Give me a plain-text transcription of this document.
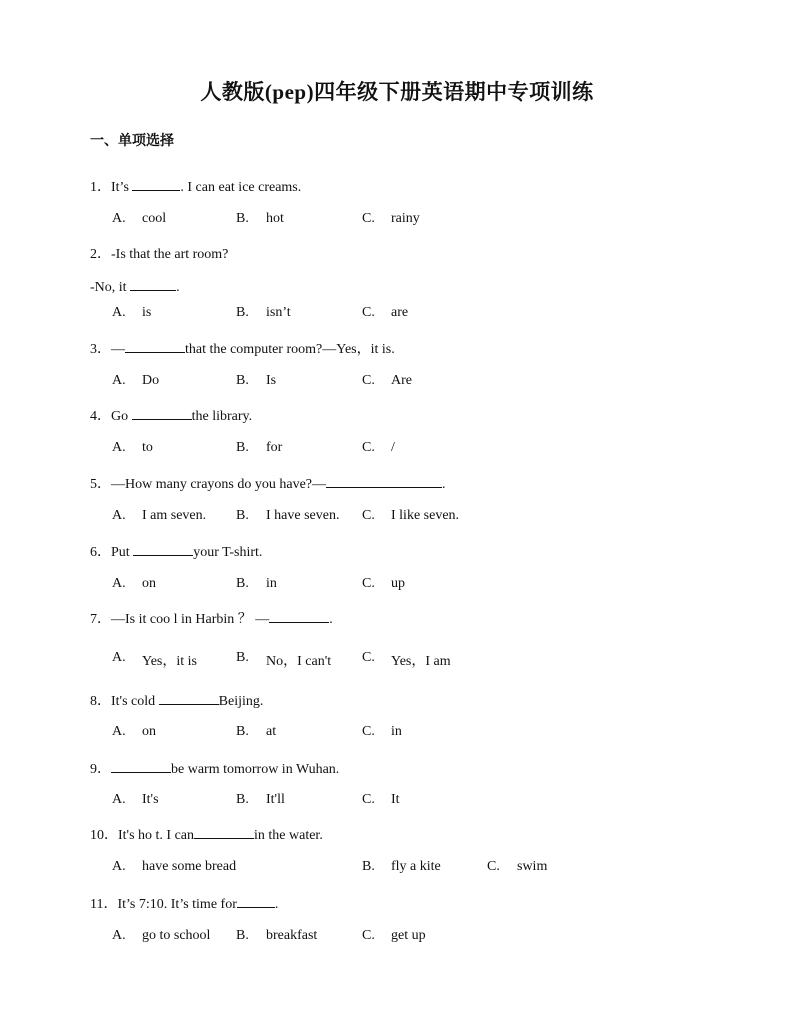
人教版(pep)四年级下册英语期中专项训练
一、单项选择
1．It’s	. I can eat ice creams.
A. cool	B. hot	C. rainy
2．-Is that the art room?
-No, it	.
A. is	B. isn’t	C. are
3．—	that the computer room?—Yes，it is.
A. Do	B. Is	C. Are
4．Go	the library.
A. to	B. for	C. /
5．—How many crayons do you have?—	.
A. I am seven. B. I have seven. C. I like seven.
6．Put	your T-shirt.
A. on	B. in	C. up
7．—Is it coo l in Harbin ？ —	.
A. Yes，it is	B. No，I can't C. Yes，I am
8．It's cold	Beijing.
A. on	B. at	C. in
9．	be warm tomorrow in Wuhan.
A. It's	B. It'll	C. It
10．It's ho t. I can	in the water.
A. have some bread	B. fly a kite	C. swim
11．It’s 7:10. It’s time for	.
A. go to school B. breakfast	C. get up
